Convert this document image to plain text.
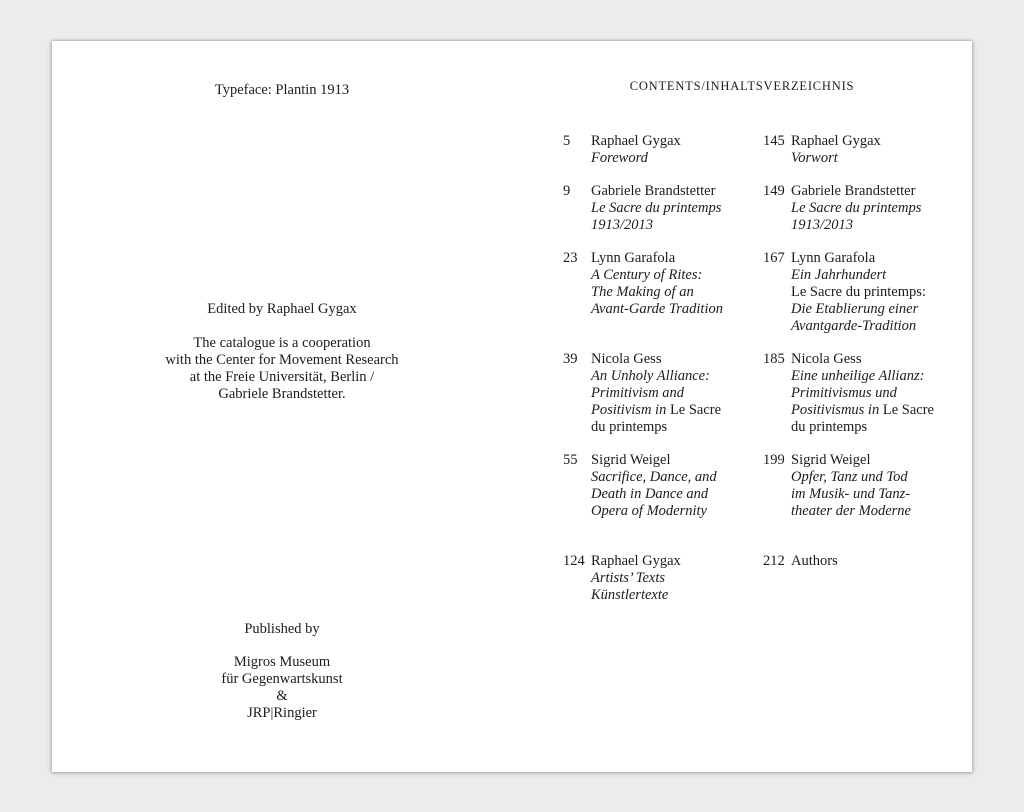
Typeface: Plantin 1913

Edited by Raphael Gygax

The catalogue is a cooperation

with the Center for Movement Research

at the Freie Universität, Berlin /

Gabriele Brandstetter.

Published by

Migros Museum

für Gegenwartskunst

&

JRP|Ringier

CONTENTS/INHALTSVERZEICHNIS
5 Raphael Gygax
Foreword
9 Gabriele Brandstetter
Le Sacre du printemps
1913/2013
23 Lynn Garafola
A Century of Rites:
The Making of an
Avant-Garde Tradition
39 Nicola Gess
An Unholy Alliance:
Primitivism and
Positivism in Le Sacre
du printemps
55 Sigrid Weigel
Sacrifice, Dance, and
Death in Dance and
Opera of Modernity
124 Raphael Gygax
Artists’ Texts
Künstlertexte
145 Raphael Gygax
Vorwort
149 Gabriele Brandstetter
Le Sacre du printemps
1913/2013
167 Lynn Garafola
Ein Jahrhundert
Le Sacre du printemps:
Die Etablierung einer
Avantgarde-Tradition
185 Nicola Gess
Eine unheilige Allianz:
Primitivismus und
Positivismus in Le Sacre
du printemps
199 Sigrid Weigel
Opfer, Tanz und Tod
im Musik- und Tanz-
theater der Moderne
212 Authors
